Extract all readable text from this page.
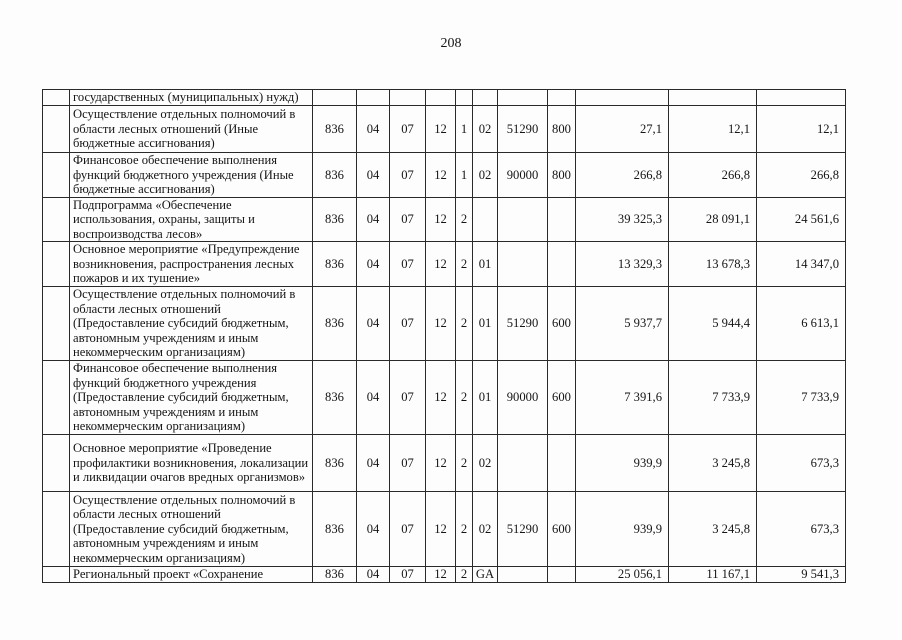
208
	государственных (муниципальных) нужд)											
	Осуществление отдельных полномочий в области лесных отношений (Иные бюджетные ассигнования)	836	04	07	12	1	02	51290	800	27,1	12,1	12,1
	Финансовое обеспечение выполнения функций бюджетного учреждения (Иные бюджетные ассигнования)	836	04	07	12	1	02	90000	800	266,8	266,8	266,8
	Подпрограмма «Обеспечение использования, охраны, защиты и воспроизводства лесов»	836	04	07	12	2				39 325,3	28 091,1	24 561,6
	Основное мероприятие «Предупреждение возникновения, распространения лесных пожаров и их тушение»	836	04	07	12	2	01			13 329,3	13 678,3	14 347,0
	Осуществление отдельных полномочий в области лесных отношений (Предоставление субсидий бюджетным, автономным учреждениям и иным некоммерческим организациям)	836	04	07	12	2	01	51290	600	5 937,7	5 944,4	6 613,1
	Финансовое обеспечение выполнения функций бюджетного учреждения (Предоставление субсидий бюджетным, автономным учреждениям и иным некоммерческим организациям)	836	04	07	12	2	01	90000	600	7 391,6	7 733,9	7 733,9
	Основное мероприятие «Проведение профилактики возникновения, локализации и ликвидации очагов вредных организмов»	836	04	07	12	2	02			939,9	3 245,8	673,3
	Осуществление отдельных полномочий в области лесных отношений (Предоставление субсидий бюджетным, автономным учреждениям и иным некоммерческим организациям)	836	04	07	12	2	02	51290	600	939,9	3 245,8	673,3
	Региональный проект «Сохранение	836	04	07	12	2	GA			25 056,1	11 167,1	9 541,3
